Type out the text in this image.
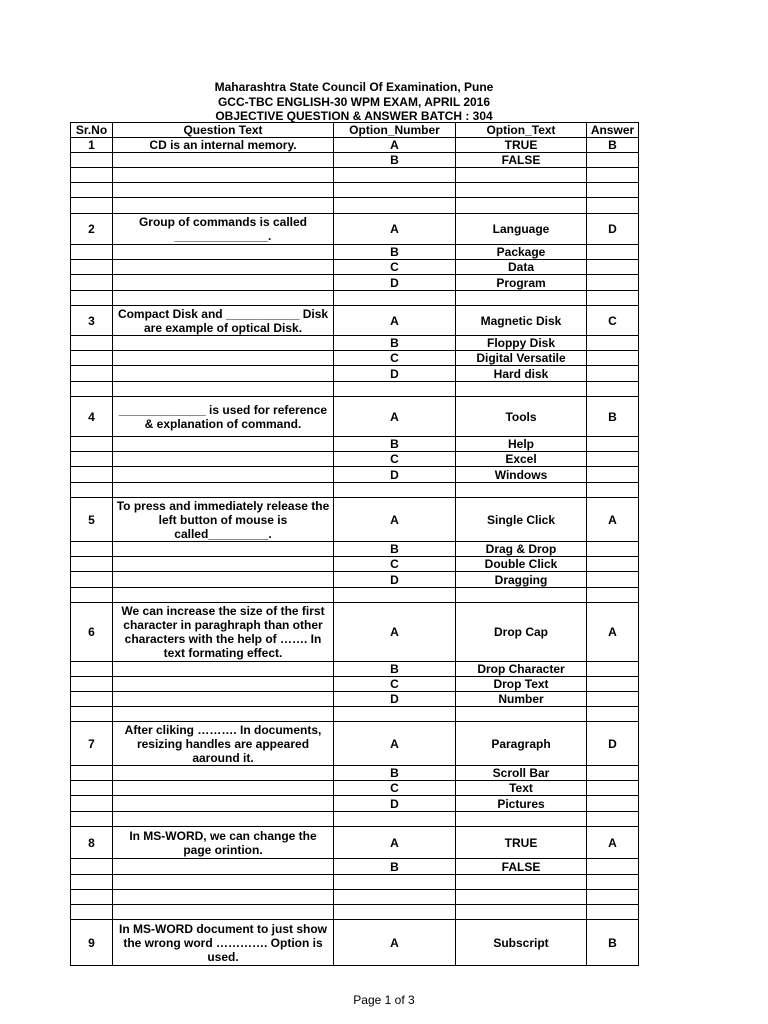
Maharashtra State Council Of Examination, Pune
GCC-TBC ENGLISH-30 WPM EXAM, APRIL 2016
OBJECTIVE QUESTION & ANSWER BATCH : 304
Sr.No	Question Text	Option_Number	Option_Text	Answer
1	CD is an internal memory.	A	TRUE	B
		B	FALSE	

2	Group of commands is called ______________.	A	Language	D
		B	Package	
		C	Data	
		D	Program	

3	Compact Disk and ___________ Disk are example of optical Disk.	A	Magnetic Disk	C
		B	Floppy Disk	
		C	Digital Versatile	
		D	Hard disk	

4	_____________ is used for reference & explanation of command.	A	Tools	B
		B	Help	
		C	Excel	
		D	Windows	

5	To press and immediately release the left button of mouse is called_________.	A	Single Click	A
		B	Drag & Drop	
		C	Double Click	
		D	Dragging	

6	We can increase the size of the first character in paraghraph than other characters with the help of ……. In text formating effect.	A	Drop Cap	A
		B	Drop Character	
		C	Drop Text	
		D	Number	

7	After cliking ………. In documents, resizing handles are appeared aaround it.	A	Paragraph	D
		B	Scroll Bar	
		C	Text	
		D	Pictures	

8	In MS-WORD, we can change the page orintion.	A	TRUE	A
		B	FALSE	

9	In MS-WORD document to just show the wrong word …………. Option is used.	A	Subscript	B
Page 1 of 3
